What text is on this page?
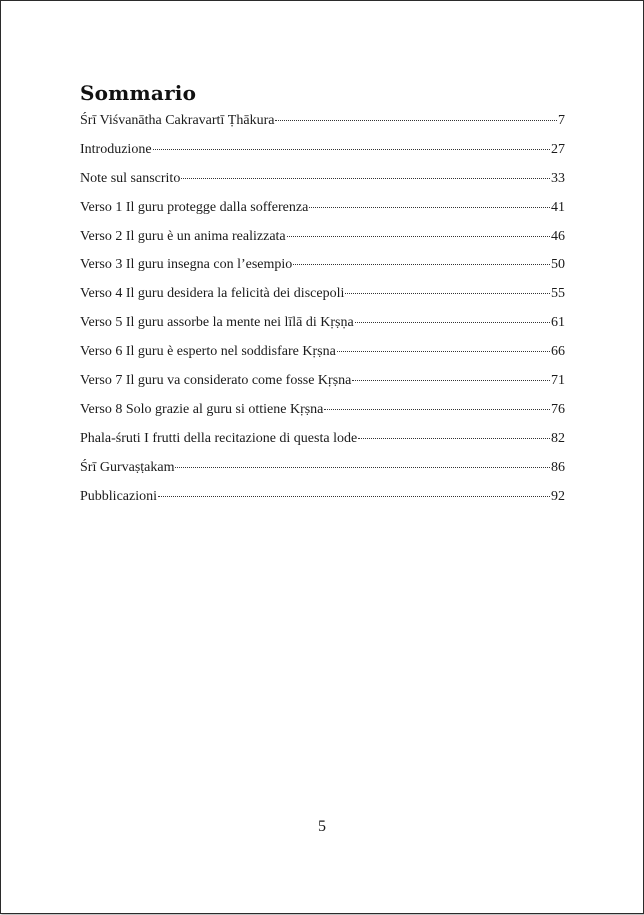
Sommario
Śrī Viśvanātha Cakravartī Ṭhākura	7
Introduzione	27
Note sul sanscrito	33
Verso 1 Il guru protegge dalla sofferenza	41
Verso 2 Il guru è un anima realizzata	46
Verso 3 Il guru insegna con l’esempio	50
Verso 4 Il guru desidera la felicità dei discepoli	55
Verso 5 Il guru assorbe la mente nei līlā di Kṛṣṇa	61
Verso 6 Il guru è esperto nel soddisfare Kṛṣna	66
Verso 7 Il guru va considerato come fosse Kṛṣna	71
Verso 8 Solo grazie al guru si ottiene Kṛṣna	76
Phala-śruti I frutti della recitazione di questa lode	82
Śrī Gurvaṣṭakam	86
Pubblicazioni	92
5
